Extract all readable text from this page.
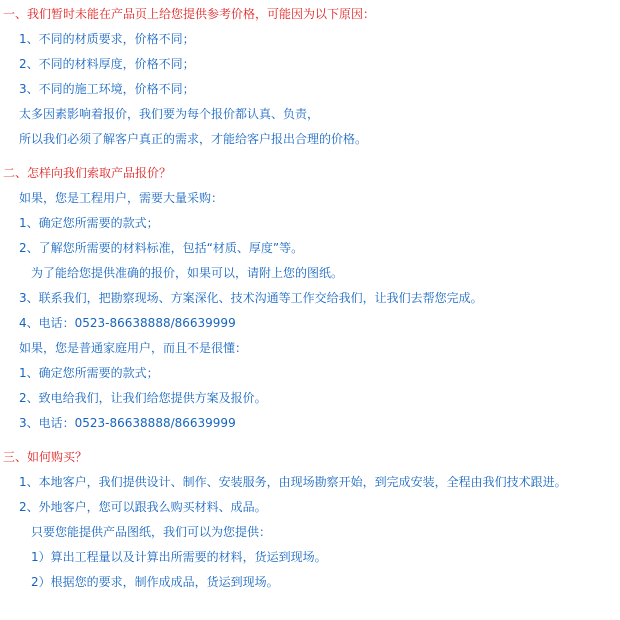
一、我们暂时未能在产品页上给您提供参考价格，可能因为以下原因：
1、不同的材质要求，价格不同；
2、不同的材料厚度，价格不同；
3、不同的施工环境，价格不同；
太多因素影响着报价，我们要为每个报价都认真、负责，
所以我们必须了解客户真正的需求，才能给客户报出合理的价格。
二、怎样向我们索取产品报价？
如果，您是工程用户，需要大量采购：
1、确定您所需要的款式；
2、了解您所需要的材料标准，包括“材质、厚度”等。
为了能给您提供准确的报价，如果可以，请附上您的图纸。
3、联系我们，把勘察现场、方案深化、技术沟通等工作交给我们，让我们去帮您完成。
4、电话：0523-86638888/86639999
如果，您是普通家庭用户，而且不是很懂：
1、确定您所需要的款式；
2、致电给我们，让我们给您提供方案及报价。
3、电话：0523-86638888/86639999
三、如何购买？
1、本地客户，我们提供设计、制作、安装服务，由现场勘察开始，到完成安装，全程由我们技术跟进。
2、外地客户，您可以跟我么购买材料、成品。
只要您能提供产品图纸，我们可以为您提供：
1）算出工程量以及计算出所需要的材料，货运到现场。
2）根据您的要求，制作成成品，货运到现场。
